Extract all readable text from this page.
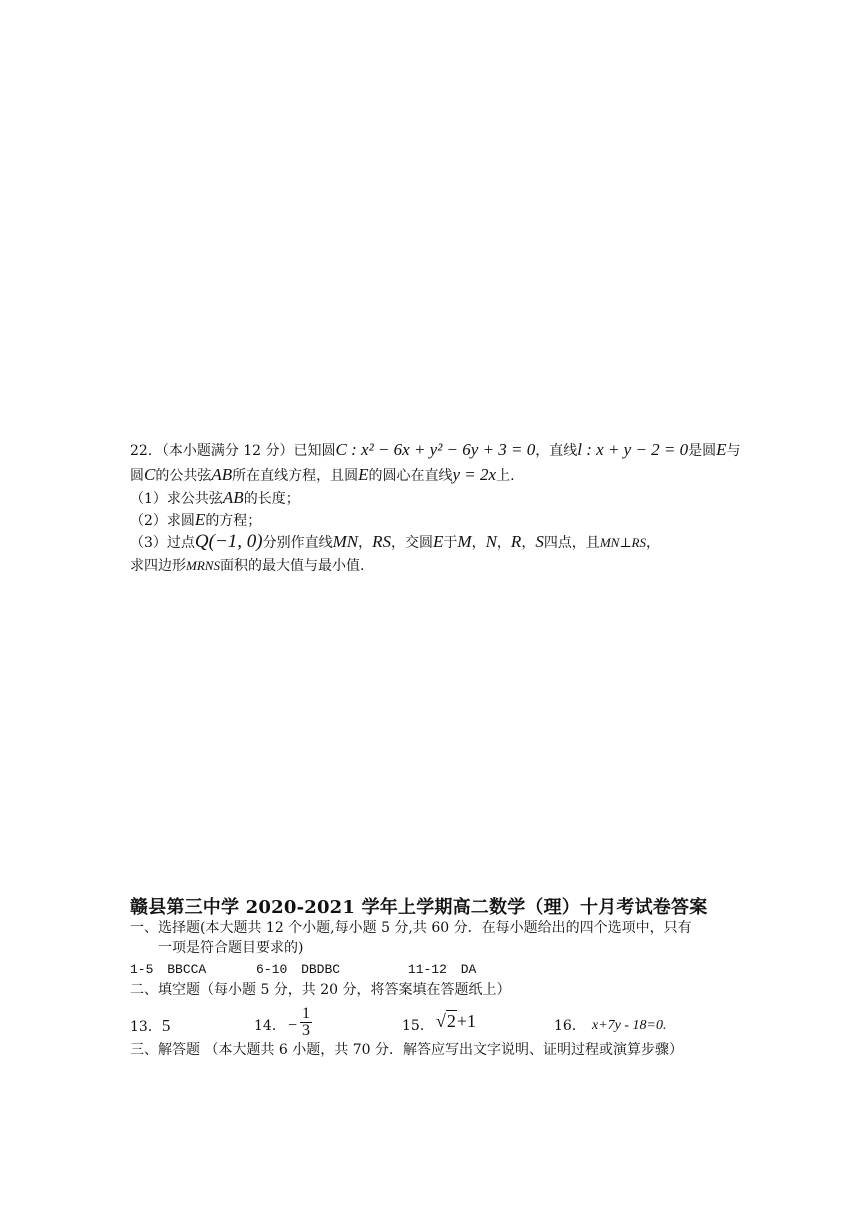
22．（本小题满分 12 分）已知圆C : x² − 6x + y² − 6y + 3 = 0，直线l : x + y − 2 = 0是圆E与
圆C的公共弦AB所在直线方程，且圆E的圆心在直线y = 2x上.
（1）求公共弦AB的长度；
（2）求圆E的方程；
（3）过点Q(−1, 0)分别作直线MN，RS，交圆E于M，N，R，S四点，且MN⊥RS，
求四边形MRNS面积的最大值与最小值.
赣县第三中学 2020-2021 学年上学期高二数学（理）十月考试卷答案
一、选择题(本大题共 12 个小题,每小题 5 分,共 60 分．在每小题给出的四个选项中，只有
一项是符合题目要求的)
1-5 BBCCA	6-10 DBDBC	11-12 DA
二、填空题（每小题 5 分，共 20 分，将答案填在答题纸上）
13．5	14． − $\frac{1}{3}$	15． √2+1	16． x+7y - 18=0.
三、解答题 （本大题共 6 小题，共 70 分．解答应写出文字说明、证明过程或演算步骤）
